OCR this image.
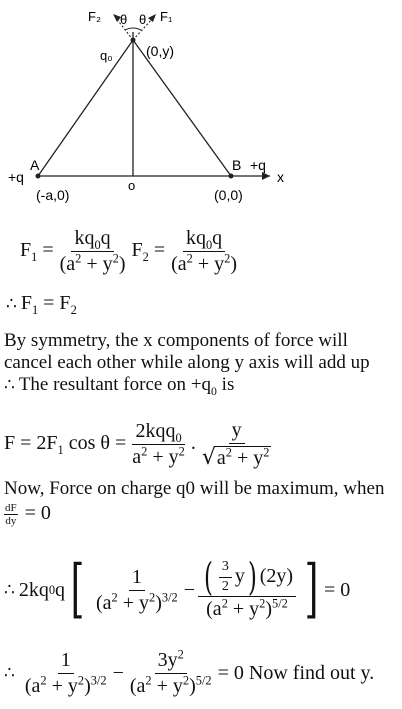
F₂ θ θ F₁
q₀ (0,y)
A
+q
(-a,0)
o
B +q
(0,0)
x
$F_1 = \frac{kq_0q}{(a^2 + y^2)} F_2 = \frac{kq_0q}{(a^2 + y^2)}$
∴ $F_1 = F_2$
By symmetry, the x components of force will
cancel each other while along y axis will add up
∴ The resultant force on $+q_0$ is
$F = 2F_1$ $\cos \theta = \frac{2kqq_0}{a^2 + y^2}$ . $\frac{y}{√ a^2 + y^2}$
Now, Force on charge q0 will be maximum, when
$\frac{dF}{dy} = 0$
∴ 2kq 0 q [ $\frac{1}{(a^2 + y^2)^{3/2}} - \frac{( \frac{3}{2} y) (2y)}{(a^2 + y^2)^{5/2}}$ ] = 0
∴ $\frac{1}{(a^2 + y^2)^{3/2}} - \frac{3y^2}{(a^2 + y^2)^{5/2}} = 0$ Now find out y.
